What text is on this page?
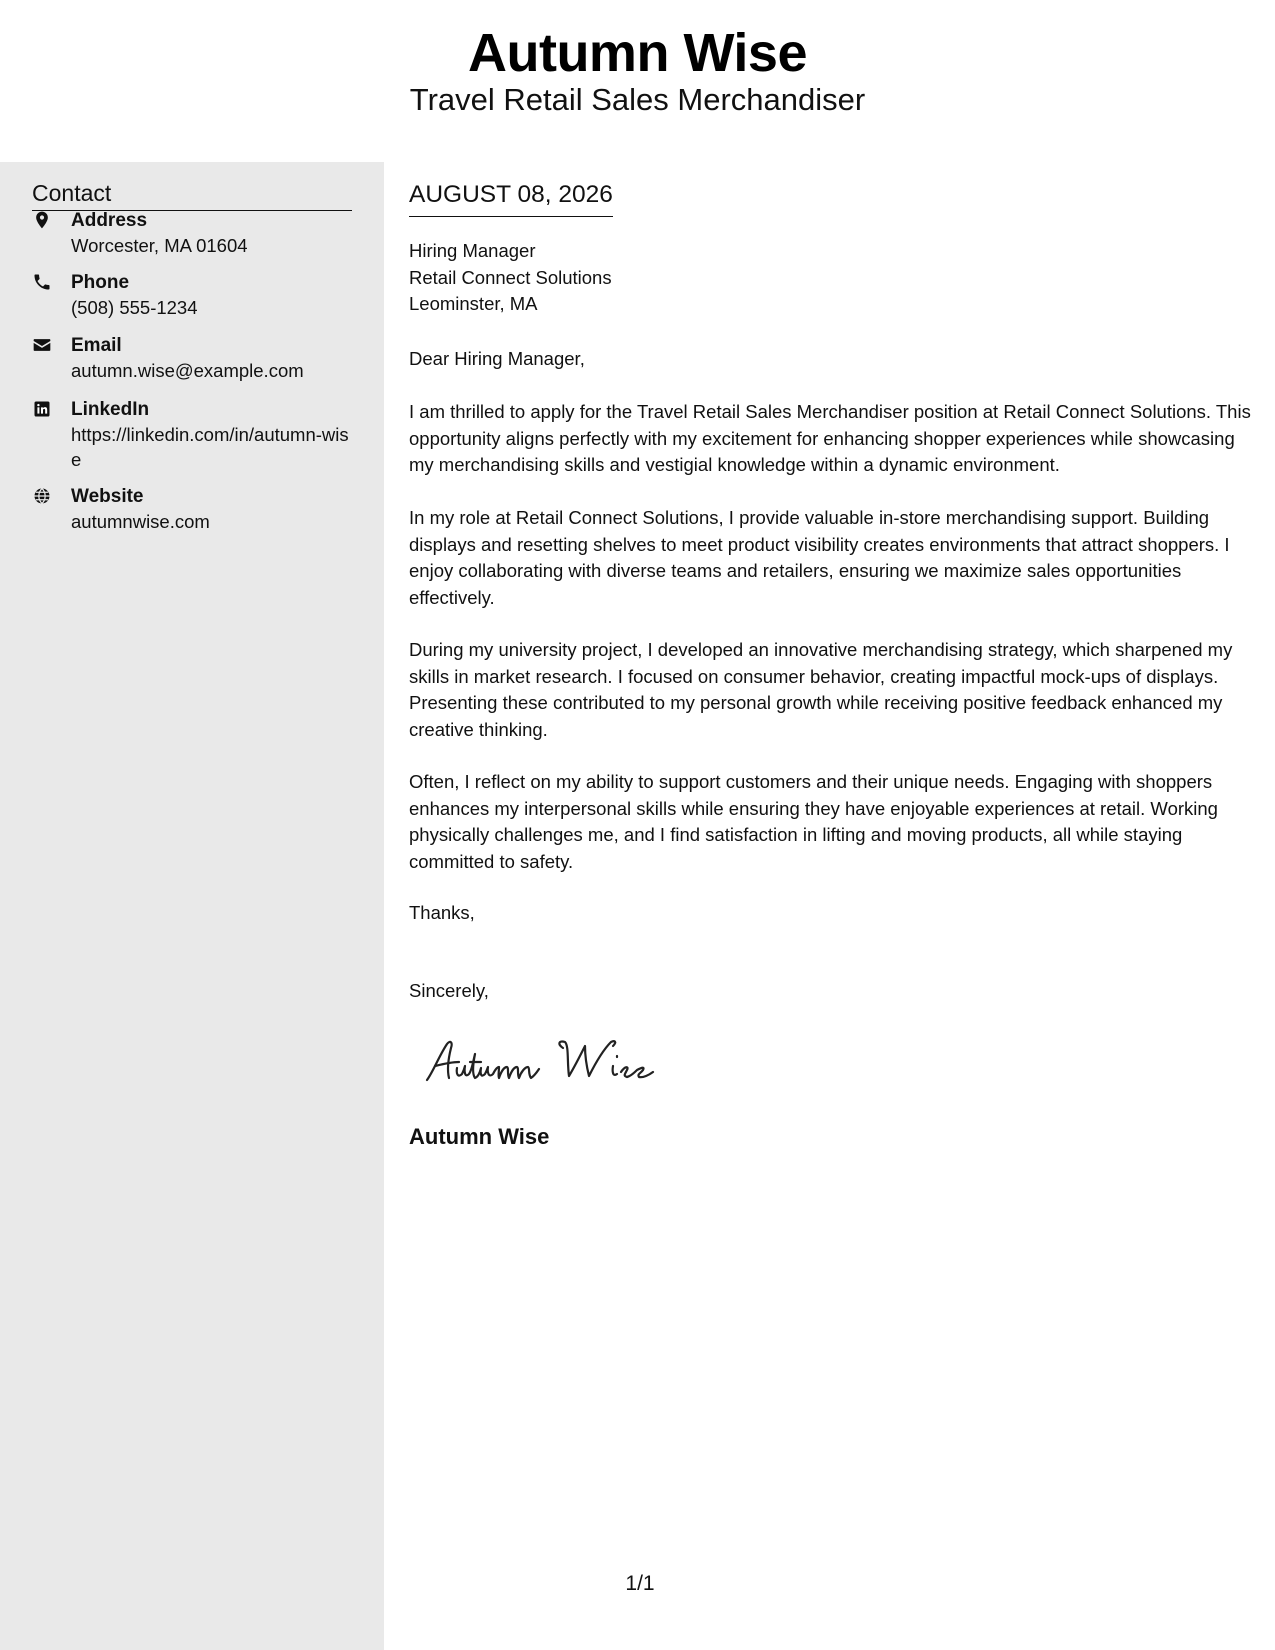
Autumn Wise
Travel Retail Sales Merchandiser
Contact
Address
Worcester, MA 01604
Phone
(508) 555-1234
Email
autumn.wise@example.com
LinkedIn
https://linkedin.com/in/autumn-wise
Website
autumnwise.com
AUGUST 08, 2026
Hiring Manager
Retail Connect Solutions
Leominster, MA
Dear Hiring Manager,
I am thrilled to apply for the Travel Retail Sales Merchandiser position at Retail Connect Solutions. This opportunity aligns perfectly with my excitement for enhancing shopper experiences while showcasing my merchandising skills and vestigial knowledge within a dynamic environment.
In my role at Retail Connect Solutions, I provide valuable in-store merchandising support. Building displays and resetting shelves to meet product visibility creates environments that attract shoppers. I enjoy collaborating with diverse teams and retailers, ensuring we maximize sales opportunities effectively.
During my university project, I developed an innovative merchandising strategy, which sharpened my skills in market research. I focused on consumer behavior, creating impactful mock-ups of displays. Presenting these contributed to my personal growth while receiving positive feedback enhanced my creative thinking.
Often, I reflect on my ability to support customers and their unique needs. Engaging with shoppers enhances my interpersonal skills while ensuring they have enjoyable experiences at retail. Working physically challenges me, and I find satisfaction in lifting and moving products, all while staying committed to safety.
Thanks,
Sincerely,
Autumn Wise
1/1
